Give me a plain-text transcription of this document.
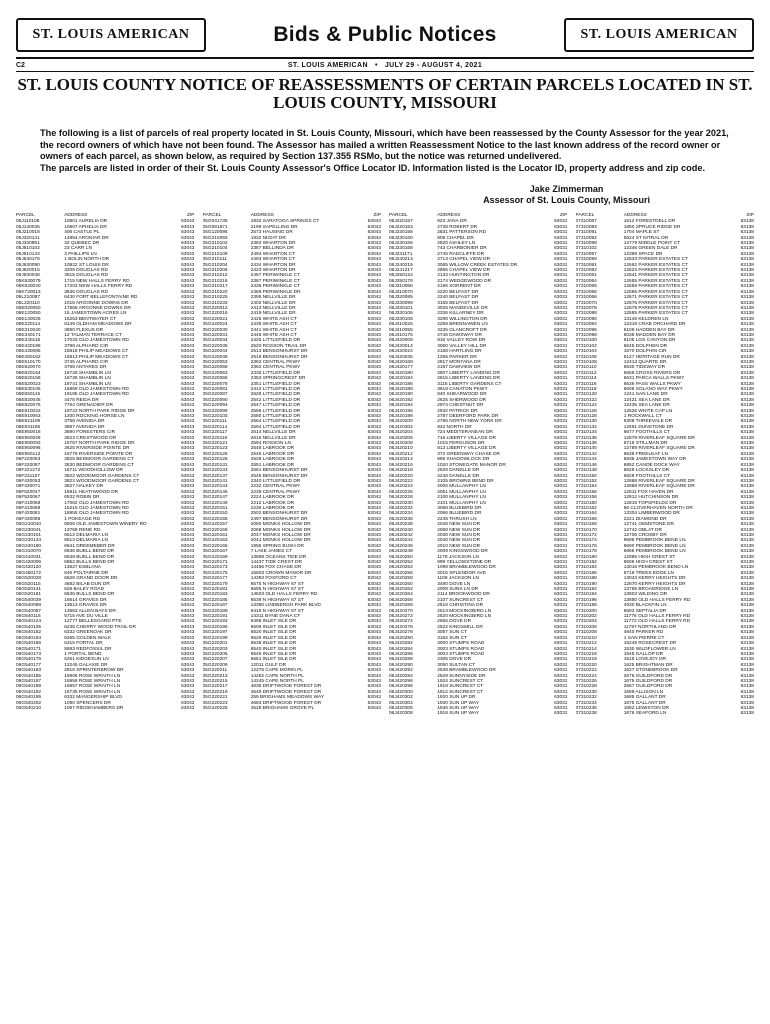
ST. LOUIS AMERICAN	Bids & Public Notices	ST. LOUIS AMERICAN
C2	ST. LOUIS AMERICAN • JULY 29 - AUGUST 4, 2021
ST. LOUIS COUNTY NOTICE OF REASSESSMENTS OF CERTAIN PARCELS LOCATED IN ST. LOUIS COUNTY, MISSOURI
The following is a list of parcels of real property located in St. Louis County, Missouri, which have been reassessed by the County Assessor for the year 2021, the record owners of which have not been found. The Assessor has mailed a written Reassessment Notice to the last known address of the record owner or owners of each parcel, as shown below, as required by Section 137.355 RSMo, but the notice was returned undelivered.
The parcels are listed in order of their St. Louis County Assessor's Office Locator ID. Information listed is the Locator ID, property address and zip code.
Jake Zimmerman
Assessor of St. Louis County, Missouri
PARCEL	ADDRESS	ZIP
05J110106	10801 AURELIA DR	63043
05J140035	10807 APHELIA DR	63043
05J210018	406 CASTLE PL	63043
05J320141	14954 ARONIAR DR	63043
05J330951	32 QUEBEC DR	63043
05J510102	23 CARR LN	63043
05J510143	3 PHILLIPS LN	63043
05J540176	1 BOLIN NORTH DR	63043
05J630090	10822 ST LOUIS DR	63043
05J620015	3208 DOUGLAS RD	63043
05J630048	3515 DOUGLAS RD	63043
05K530079	1715 NEW HALLS FERRY RD	63043
05K520040	17203 NEW HALLS FERRY RD	63043
05K720013	3636 DOUGLAS RD	63043
05L210087	6430 FORT BELLEFONTAINE RD	63043
05L220110	1016 ARGONNE DOWNS DR	63043
06E020050	17865 ARGONNE DOWNS DR	63043
06E120050	15 JAMESTOWN ACRES LN	63043
06E140025	16253 BENTWATER CT	63043
06E220114	6149 OLDHAM MEADOWS DR	63043
06E310040	3890 FLEXUS DR	63043
06E340171	12 TALMAN TERRACE CT	63043
06E340115	17033 OLD JAMESTOWN RD	63043
06E420196	3798 ALPHARD CIR	63043
06E430085	16818 PHILIP MEADOWS CT	63043
06E450162	16813 PHILIP MEADOWS CT	63043
06E510170	3745 ALPHARD CIR	63043
06E620070	3798 ANTARES DR	63043
06E620154	16728 SHAMBLIN LN	63043
06E620156	16736 SHAMBLIN LN	63043
06E520023	16741 SHAMBLIN LN	63043
06E530105	16869 OLD JAMESTOWN RD	63043
06E650115	19185 OLD JAMESTOWN RD	63043
06E820045	4475 REIDA DR	63043
06E820076	7764 GRENADIER DR	63043
06E910022	16723 NORTH PARK RIDGE DR	63043
06E910063	1200 ROCKING HORSE LN	63043
06E921109	3758 AVENIDA DR	63043
06E931166	3887 AVENIDA DR	63043
06E950018	3690 FORESTERS CIR	63043
06E950026	3623 CRESTWOOD DR	63043
06E950092	16767 NORTH PARK RIDGE DR	63043
06E950096	3625 RIVERSIDE POINTE DR	63043
06E950113	16779 RIVERSIDE POINTE DR	63043
06F220053	3825 BEDMOOR GARDENS CT	63043
06F220087	3830 BEDMOOR GARDENS CT	63043
06F221272	16711 WOODHOLLOW DR	63043
06F231127	3822 WOODMOOR GARDENS CT	63043
06F430053	3823 WOODMOOR GARDENS CT	63043
06F430071	3827 HALKEY DR	63043
06F520047	16911 HEATHWOOD DR	63043
06F520067	6532 ROBIN DR	63043
06F410068	17062 OLD JAMESTOWN RD	63043
06F410069	16215 OLD JAMESTOWN RD	63043
06F420081	16955 OLD JAMESTOWN RD	63043
06F430088	1 POKEAGE RD	63043
06G210010	6508 OLD JAMESTOWN WINERY RD	63043
06G230041	13768 RENE RD	63043
06G230101	6512 DELMARIA LN	63043
06G230134	6513 DELMARIA LN	63043
06G240180	6641 DREEMEBER DR	63043
06G310070	6636 BUELL BEND DR	63043
06G410031	6638 BUELL BEND DR	63043
06G420006	6852 BULLS BEND DR	63043
06G420120	13627 ESBLANA	63043
06G450172	646 POLTAIRNE DR	63043
06G520028	6628 GRAND DOOR DR	63043
06G520115	4682 BILAB DUN DR	63043
06G520141	626 BALEY ROAD	63043
06G520181	6636 BULLS BEND DR	63043
06G540039	16614 GRAVES DR	63043
06G540068	13613 GRAVES DR	63043
06G540087	13563 ALLEN BAYS DR	63043
06G540116	5715 AVE DU VILLE	63043
06G540124	12777 BELLESGARD PTE	63043
06G540135	6238 CHERRY WOOD TRAIL DR	63043
06G540152	6332 GREENOAK DR	63043
06G540164	6265 GOLDEN WALK	63043
06G540166	6315 FORTAL DR	63043
06G540171	5883 REDFOSSIL DR	63043
06G540173	1 PORTAL BEND	63043
06G540176	6251 KIDGESUN LN	63043
06G540177	12245 GALAXIE DR	63043
06G540183	2918 SPRINTERBROW DR	63043
06G540185	16906 ROSE WRAITH LN	63043
06G540187	16956 ROSE WRAITH LN	63043
06G540189	16957 ROSE WRAITH LN	63043
06G540192	16735 ROSE WRAITH LN	63043
06G540195	6332 MANGERSHIP BLVD	63043
06G540202	1090 SPENCERS DR	63043
06G540210	1057 RIDGEHAMBERS DR	63043
PARCEL	ADDRESS	ZIP
05G041735	1932 SARATOGA SPRINGS CT	63043
05G081871	2199 SAPELLING DR	63043
05G120095	2573 HAUSING DR	63043
05G210093	1932 NIGHT DR	63043
05G210102	2382 WHARTON DR	63043
05G210104	2387 BELLINDA DR	63043
05G210109	2494 WHARTON CT	63043
05G210111	2493 WHARTON CT	63043
05G210204	2434 WHARTON DR	63043
05G210206	2423 WHARTON DR	63043
05G210212	2467 PERIWINKLE CT	63043
05G210216	2387 PERIWINKLE CT	63043
05G210217	2436 PERIWINKLE CT	63043
05G210220	2469 PERIWINKLE DR	63043
05G210225	2395 NELLVILLE DR	63043
05G210233	2402 NELLVILLE DR	63043
05G220012	2413 NELLVILLE DR	63043
05G220016	2419 NELLVILLE DR	63043
05G220021	2425 WHITE ASH CT	63043
05G220024	2436 WHITE ASH CT	63043
05G220030	2441 WHITE ASH CT	63043
05G220031	2446 WHITE ASH CT	63043
05G220034	2425 LITTLEFIELD DR	63043
05G220039	2520 ROSSON TRAIL DR	63043
05G220044	2513 BENSONHURST DR	63043
05G220048	2519 BENSONHURST DR	63043
05G220053	2352 CENTRAL PKWY	63043
05G220058	2362 CENTRAL PKWY	63043
05G220063	2335 LITTLEFIELD DR	63043
05G220066	2353 SPRINGCREST DR	63043
05G220076	2351 LITTLEFIELD DR	63043
05G220081	2412 LITTLEFIELD DR	63043
05G220087	2528 LITTLEFIELD DR	63043
05G220090	2542 LITTLEFIELD DR	63043
05G220094	2547 LITTLEFIELD DR	63043
05G220099	2556 LITTLEFIELD DR	63043
05G220103	2580 LITTLEFIELD DR	63043
05G220111	2564 LITTLEFIELD DR	63043
05G220114	2594 LITTLEFIELD DR	63043
05G220117	2614 NELLVILLE DR	63043
05G220118	2616 NELLVILLE DR	63043
05G220121	2594 ROSSON LN	63043
05G220123	2548 LABROOK DR	63043
05G220126	2545 LABROOK DR	63043
05G220128	2528 LABROOK DR	63043
05G220131	2551 LABROOK DR	63043
05G220133	2561 BENSONHURST DR	63043
05G220137	2546 BENSONHURST DR	63043
05G220141	2340 LITTLEFIELD DR	63043
05G220143	2232 CENTRAL PKWY	63043
05G220145	2239 CENTRAL PKWY	63043
05G220147	2224 LABROOK DR	63043
05G220149	2212 LABROOK DR	63043
05G220151	2236 LABROOK DR	63043
05G220153	2502 BENSONHURST DR	63043
05G220155	2497 BENSONHURST DR	63043
05G220157	2060 MONKS HOLLOW DR	63043
05G220159	2068 MONKS HOLLOW DR	63043
05G220161	2047 MONKS HOLLOW DR	63043
05G220163	2041 MONKS HOLLOW DR	63043
05G220165	1956 SPRING BUSH DR	63043
05G220167	7 LAKE JAMES CT	63043
05G220169	13658 OCEANS TIDE DR	63043
05G220171	14437 TIDE CREST DR	63043
05G220173	14456 FOX CHASE DR	63043
05G220175	16603 CROWN MANOR DR	63043
05G220177	14393 FOXFORD CT	63043
05G220179	6575 N HIGHWAY 67 ST	63043
05G220181	6595 N HIGHWAY 67 ST	63043
05G220183	14503 OLD HALLS FERRY RD	63043
05G220185	6539 N HIGHWAY 67 ST	63043
05G220187	13380 LINDBERGH PARK BLVD	63043
05G220189	6416 N HIGHWAY 67 ST	63043
05G220191	14311 BYNE DANA CT	63043
05G220193	6495 INLET ISLE DR	63043
05G220195	6508 INLET ISLE DR	63043
05G220197	6520 INLET ISLE DR	63043
05G220199	6529 INLET ISLE DR	63043
05G220201	6535 INLET ISLE DR	63043
05G220203	6540 INLET ISLE DR	63043
05G220205	6545 INLET ISLE DR	63043
05G220207	6551 INLET ISLE DR	63043
05G220209	12011 GULF DR	63043
05G220211	12275 CAPE MORIN PL	63043
05G220213	14262 CAPE NORTH PL	63043
05G220215	14245 CAPE NORTH PL	63043
05G220217	4635 DRIFTWOOD FOREST DR	63043
05G220219	4649 DRIFTWOOD FOREST DR	63043
05G220221	259 BRIGHAMS MEADOWS WAY	63043
05G220223	4683 DRIFTWOOD FOREST DR	63043
05G220225	4528 BRIGHAMS GROVE PL	63043
PARCEL	ADDRESS	ZIP
06J220157	823 JANA DR	63031
06J220163	2738 ROBERT DR	63031
06J230156	2831 PATTERSON RD	63031
06J230160	809 CHAPEL DR	63031
06J230166	2820 ASHLEY LN	63031
06J230168	743 CHARBONIER DR	63031
06J231171	2745 RADCLIFFE DR	63031
06J240213	2713 CHAPEL VIEW DR	63031
06J240215	3065 WILLOW CREEK ESTATES DR	63031
06J241217	2965 CHAPEL VIEW DR	63031
06J250124	2133 HUNTINGTON DR	63031
06J250178	2174 WEDGEWOOD DR	63031
06J310066	2196 SORRENT DR	63031
06J310070	2220 BELFAST DR	63031
06J320085	2240 BELFAST DR	63031
06J330099	3155 BELFAST DR	63031
06J330101	3025 MANDEVILLE DR	63031
06J330106	2336 KILLARNEY DR	63031
06J330108	3298 WILLINGTON DR	63031
06J410026	2268 BRENNAWEN LN	63031
06J410055	3235 GLANCROFT DR	63031
06J410176	2746 DAWSWAY DR	63031
06J420008	916 VALLEY ROW DR	63031
06J420014	3060 VALLEY HILL DR	63031
06J420024	2158 HARTLING DR	63031
06J420035	1256 PARKER DR	63031
06J420168	2817 MONTANA DR	63031
06J420177	2197 DAWVIEW DR	63031
06J420180	2607 LIBERTY LANDING DR	63031
06J420184	2815 LIBERTY LANDING DR	63031
06J420186	3115 LIBERTY GARDENS CT	63031
06J420188	3618 CANATON PKWY	63031
06J420190	840 SHEARWOOD DR	63031
06J420192	2625 SHERWOOD DR	63031
06J420194	2974 CHESTNUT DR	63031
06J420196	2932 PATRICK DR	63031
06J420198	2787 DEERFORD PARK DR	63031
06J420200	2786 NORTH NEW YORK DR	63031
06J420202	842 NORTH DR	63031
06J420204	724 MEDITERANEAN DR	63031
06J420206	716 LIBERTY VILLAGE DR	63031
06J420208	1015 FERGUSON DR	63031
06J420210	813 LIBERTY VILLAGE DR	63031
06J420212	372 GREENWAY CHASE DR	63031
06J420214	895 SHADOWLOCK DR	63031
06J420216	1020 STONEGATE MANOR DR	63031
06J420218	2628 DANELLE DR	63031
06J420220	2240 DANELLE DR	63031
06J420222	2105 BROWNS BEND DR	63031
06J420224	2006 MULLANPHY LN	63031
06J420226	2051 MULLANPHY LN	63031
06J420228	2100 MULLANPHY LN	63031
06J420230	2101 MULLANPHY LN	63031
06J420232	3068 BLUEBIRD DR	63031
06J420234	2066 BLUEBIRD DR	63031
06J420236	2245 THRUSH LN	63031
06J420238	2048 NEW SUN DR	63031
06J420240	2068 NEW SUN DR	63031
06J420242	2036 NEW SUN DR	63031
06J420244	2040 NEW SUN DR	63031
06J420246	2010 NEW SUN DR	63031
06J420248	2009 KINGSWOOD DR	63031
06J420250	1178 JACKSON LN	63031
06J420252	999 YELLOWSTONE DR	63031
06J420254	1098 BRAMBLEWOOD DR	63031
06J420256	2016 SPLENDOR AVE	63031
06J420258	1108 JACKSON LN	63031
06J420260	3480 DOVE LN	63031
06J420262	2008 SUNS LN DR	63031
06J420264	2114 BROOKWOOD DR	63031
06J420266	2107 SUNCREST CT	63031
06J420268	2516 CHRISTINA DR	63031
06J420270	2513 MOCKINGBIRD LN	63031
06J420272	2520 MOCKINGBIRD LN	63031
06J420274	2556 DOVE DR	63031
06J420276	2522 KINGSMILL DR	63031
06J420278	3057 SUN CT	63031
06J420280	3162 SUN CT	63031
06J420282	3000 STUMPS ROAD	63031
06J420284	3003 STUMPS ROAD	63031
06J420286	3004 STUMPS ROAD	63031
06J420288	2305 DOVE DR	63031
06J420290	3050 SULTAN CT	63031
06J420292	2538 BRAMBLEWOOD DR	63031
06J420294	2529 SUNNYSIDE DR	63031
06J420296	1924 SUNCREST CT	63031
06J420298	1918 SUNCREST CT	63031
06J420300	1912 SUNCREST CT	63031
06J420302	1920 SUN UP DR	63031
06J420304	1930 SUN UP WAY	63031
06J420306	1936 SUN UP WAY	63031
06J420308	1918 SUN UP WAY	63031
PARCEL	ADDRESS	ZIP
07310067	1612 FORESTDELL DR	63138
07310083	1850 SPRUCE RIDGE DR	63138
07310091	1704 MAPLE ST	63138
07310092	5624 ST NITRAL DR	63138
07310098	12779 MIDDLE POINT CT	63138
07310102	12346 GREEN DALE DR	63138
07310067	12389 SPACE DR	63138
07310099	12633 PARKER ESTATES CT	63138
07310081	12662 PARKER ESTATES CT	63138
07310082	12623 PARKER ESTATES CT	63138
07310061	12641 PARKER ESTATES CT	63138
07310064	12655 PARKER ESTATES CT	63138
07310065	12659 PARKER ESTATES CT	63138
07310066	12665 PARKER ESTATES CT	63138
07310068	12671 PARKER ESTATES CT	63138
07310070	12675 PARKER ESTATES CT	63138
07310078	12679 PARKER ESTATES CT	63138
07310088	12685 PARKER ESTATES CT	63138
07310090	13148 KELDREN LN	63138
07310094	12319 CRAB ORCHARD DR	63138
07310096	6108 HADDEN BAY DR	63138
07310098	6035 MADDEN BAY DR	63138
07310100	6105 LOS CANYON DR	63138
07310102	6645 DOLPHEN DR	63138
07310104	1670 DOLPHIN CIR	63138
07310106	6127 HERITAGE RUN DR	63138
07310108	12413 QUARTE DR	63138
07310110	6630 TIDEWAY DR	63138
07310112	6658 CROSS RIVERS DR	63138
07310114	6631 PARCA WALLS PKWY	63138
07310116	6636 PASS WALLS PKWY	63138
07310118	6608 SOLANO WAY PKWY	63138
07310120	1241 SAN LANE DR	63138
07310122	12421 SEA LANE DR	63138
07310124	12435 SEA LANE DR	63138
07310126	12526 WHITE CAP LN	63138
07310128	1 ROCKWALL CT	63138
07310130	6308 THREEVALE DR	63138
07310132	12691 DUNSTONE DR	63138
07310134	6677 FOOTHILLS CT	63138
07310136	12878 RIVERLEAF SQUARE DR	63138
07310138	6719 STILLMAN DR	63138
07310140	12789 RIVERLEAF SQUARE DR	63138
07310142	6638 FREELEAF LN	63138
07310144	6836 JAMESTOWN WAY DR	63138
07310146	6852 CANOE DOCK WAY	63138
07310148	6829 LOCKSLEY DR	63138
07310150	6826 FOOTHILLS CT	63138
07310152	12868 RIVERLEAF SQUARE DR	63138
07310154	12888 RIVERLEAF SQUARE DR	63138
07310156	12811 FOX HAVEN DR	63138
07310158	12812 HUTCHINSON DR	63138
07310160	12815 TOPSFIELDS DR	63138
07310162	56 CLOVERHAVEN NORTH DR	63138
07310164	13304 LIMBERWOOD DR	63138
07310166	2221 DIAMOND DR	63138
07310168	12741 GEMSTONE DR	63138
07310170	12742 OBLAT DR	63138
07310172	12706 CROSBY DR	63138
07310174	6698 PEMBROOK BEND LN	63138
07310176	6690 PEMBROOK BEND LN	63138
07310178	6666 PEMBROOK BEND LN	63138
07310180	12965 HIGH CREST ST	63138
07310182	6606 HIGH CREST ST	63138
07310184	13016 PEMBROOK BEND LN	63138
07310186	6716 TREES EDGE LN	63138
07310188	13043 KERRY HEIGHTS DR	63138
07310190	12870 KERRY HEIGHTS DR	63138
07310192	13765 BROADRIDGE LN	63138
07310194	13803 WILDING DR	63138
07310196	13850 OLD HALLS FERRY RD	63138
07310198	4930 BLACKFIN LN	63138
07310200	6593 SEPTALIA DR	63138
07310202	11776 OLD HALLS FERRY RD	63138
07310204	11772 OLD HALLS FERRY RD	63138
07310206	11797 NORTHLAND DR	63138
07310208	4840 PARKER RD	63138
07310210	1 SAN PIERRE CT	63138
07310212	15249 ROSECREST DR	63138
07310214	1530 WILDFLOWER LN	63138
07310216	1545 GALLOP DR	63138
07310218	1515 LOVEJOY DR	63138
07310220	1625 BRIGHTMAN DR	63138
07310222	1627 STONEBROOK DR	63138
07310224	2676 GUILDFORD DR	63138
07310226	1675 GUILDFORD DR	63138
07310228	2667 GUILDFORD DR	63138
07310230	1689 ALLISON LN	63138
07310232	1685 GALLANT DR	63138
07310234	1675 GALLANT DR	63138
07310236	1682 LEWISTON DR	63138
07310238	1676 SEAFORD LN	63138
